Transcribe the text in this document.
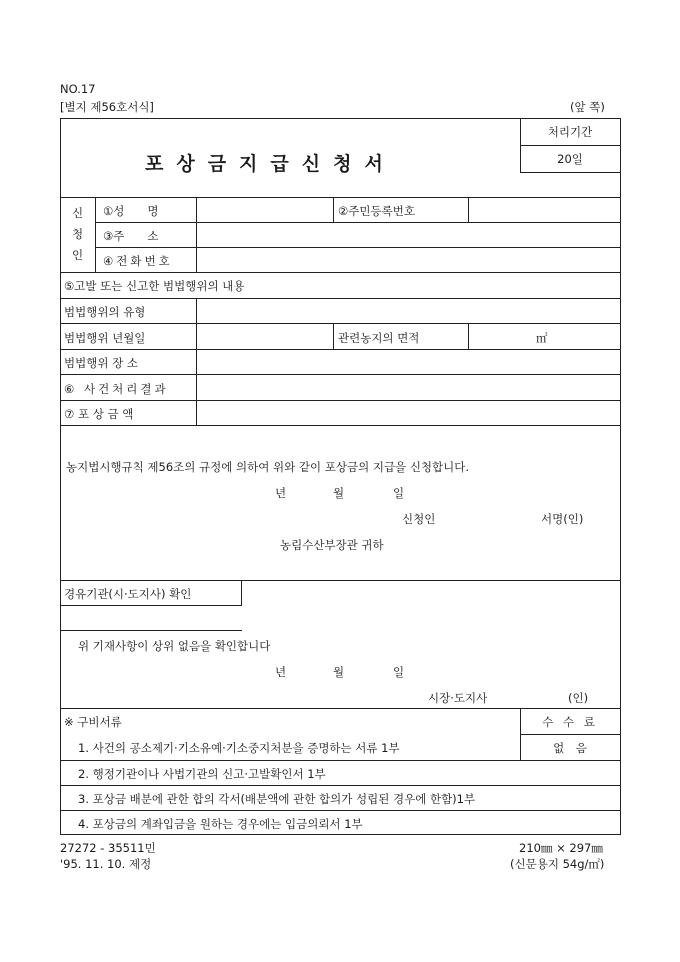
NO.17
[별지 제56호서식]	(앞 쪽)
포상금지급신청서
처리기간
20일
신
청
인
①성　　명	②주민등록번호
③주　　소
④전화번호
⑤고발 또는 신고한 범법행위의 내용
범법행위의 유형
범법행위 년월일	관련농지의 면적	㎡
범법행위 장 소
⑥ 사건처리결과
⑦ 포 상 금 액
농지법시행규칙 제56조의 규정에 의하여 위와 같이 포상금의 지급을 신청합니다.
년	월	일
신청인	서명(인)
농림수산부장관 귀하
경유기관(시·도지사) 확인
위 기재사항이 상위 없음을 확인합니다
년	월	일
시장·도지사	(인)
※ 구비서류	수 수 료
없　음
1. 사건의 공소제기·기소유예·기소중지처분을 증명하는 서류 1부
2. 행정기관이나 사법기관의 신고·고발확인서 1부
3. 포상금 배분에 관한 합의 각서(배분액에 관한 합의가 성립된 경우에 한함)1부
4. 포상금의 계좌입금을 원하는 경우에는 입금의뢰서 1부
27272 - 35511민
'95. 11. 10. 제정
210㎜ × 297㎜
(신문용지 54g/㎡)
